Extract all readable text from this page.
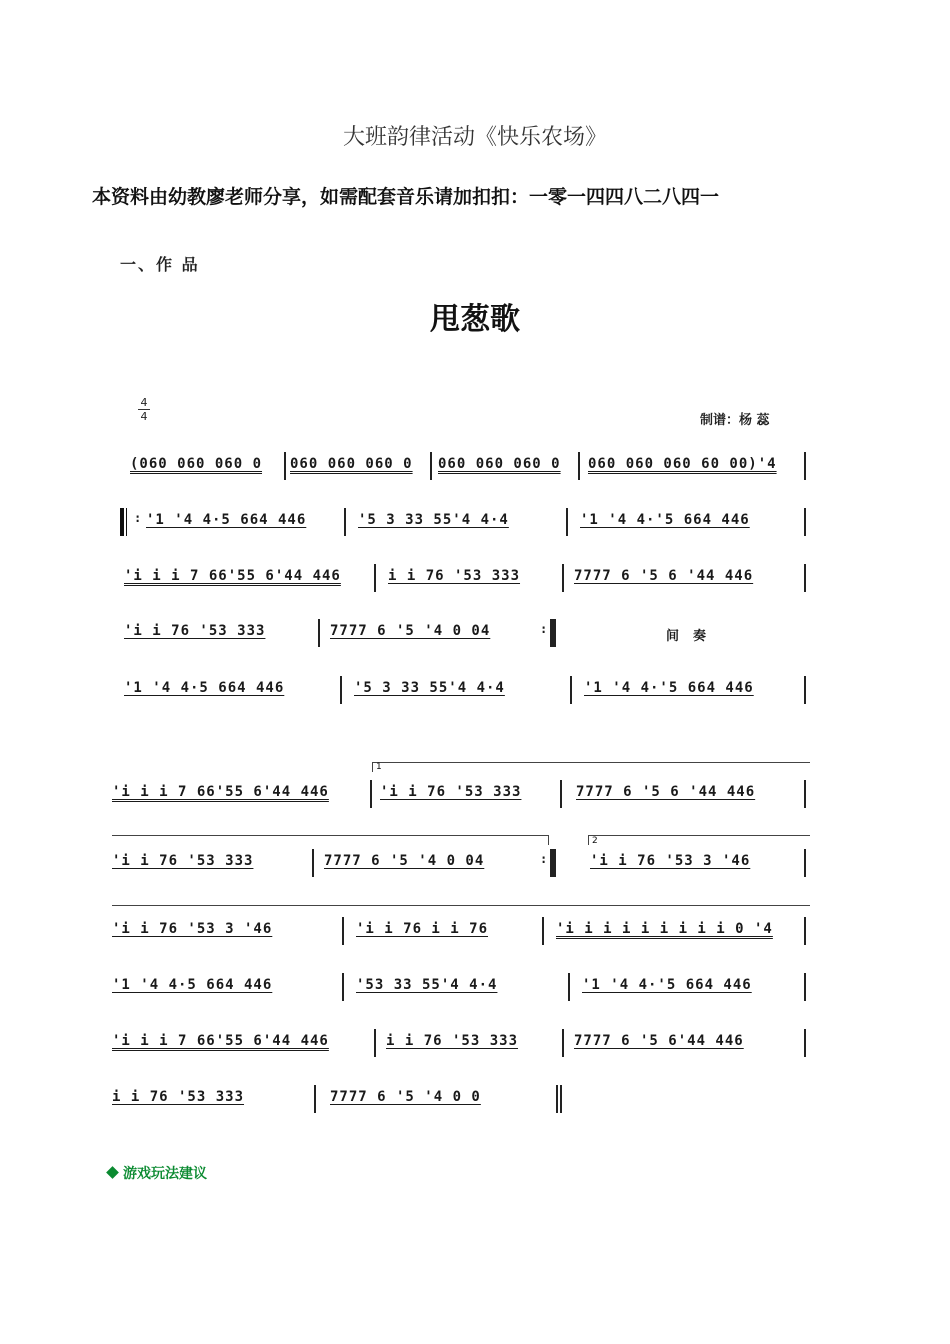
大班韵律活动《快乐农场》
本资料由幼教廖老师分享，如需配套音乐请加扣扣：一零一四四八二八四一
一、作 品
甩葱歌
4
4	制谱：杨 蕊
(060 060 060 0 060 060 060 0 060 060 060 0 060 060 060 60 00)'4
: '1 '4 4·5 664 446	'5 3 33 55'4 4·4	'1 '4 4·'5 664 446
'i i i 7 66'55 6'44 446	i i 76 '53 333	7777 6 '5 6 '44 446
'i i 76 '53 333	7777 6 '5 '4 0 04	:	间奏
'1 '4 4·5 664 446	'5 3 33 55'4 4·4	'1 '4 4·'5 664 446
1
'i i i 7 66'55 6'44 446	'i i 76 '53 333	7777 6 '5 6 '44 446
2
'i i 76 '53 333	7777 6 '5 '4 0 04	:	'i i 76 '53 3 '46
'i i 76 '53 3 '46	'i i 76 i i 76	'i i i i i i i i i 0 '4
'1 '4 4·5 664 446	'53 33 55'4 4·4	'1 '4 4·'5 664 446
'i i i 7 66'55 6'44 446	i i 76 '53 333	7777 6 '5 6'44 446
i i 76 '53 333	7777 6 '5 '4 0 0
游戏玩法建议
